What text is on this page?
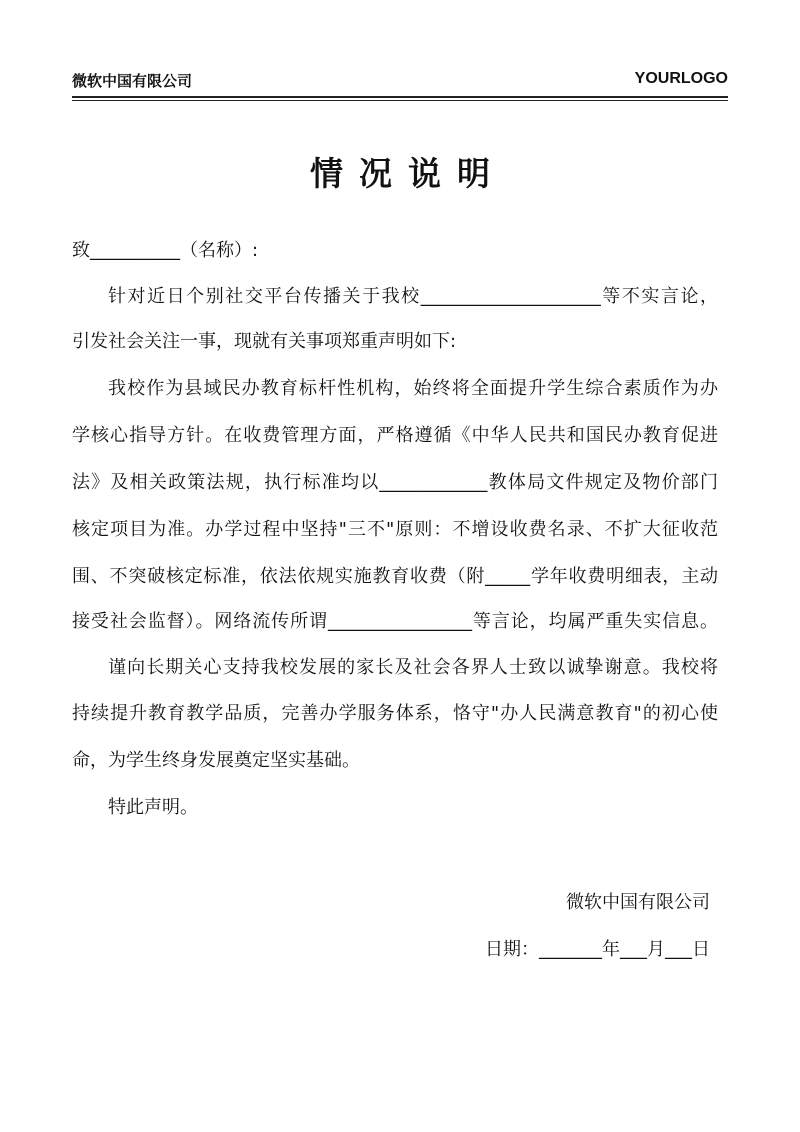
微软中国有限公司	YOURLOGO
情况说明
致__________（名称）:
针对近日个别社交平台传播关于我校____________________等不实言论，
引发社会关注一事，现就有关事项郑重声明如下:
我校作为县域民办教育标杆性机构，始终将全面提升学生综合素质作为办
学核心指导方针。在收费管理方面，严格遵循《中华人民共和国民办教育促进
法》及相关政策法规，执行标准均以____________教体局文件规定及物价部门
核定项目为准。办学过程中坚持"三不"原则：不增设收费名录、不扩大征收范
围、不突破核定标准，依法依规实施教育收费（附_____学年收费明细表，主动
接受社会监督）。网络流传所谓________________等言论，均属严重失实信息。
谨向长期关心支持我校发展的家长及社会各界人士致以诚挚谢意。我校将
持续提升教育教学品质，完善办学服务体系，恪守"办人民满意教育"的初心使
命，为学生终身发展奠定坚实基础。
特此声明。
微软中国有限公司
日期：_______年___月___日
